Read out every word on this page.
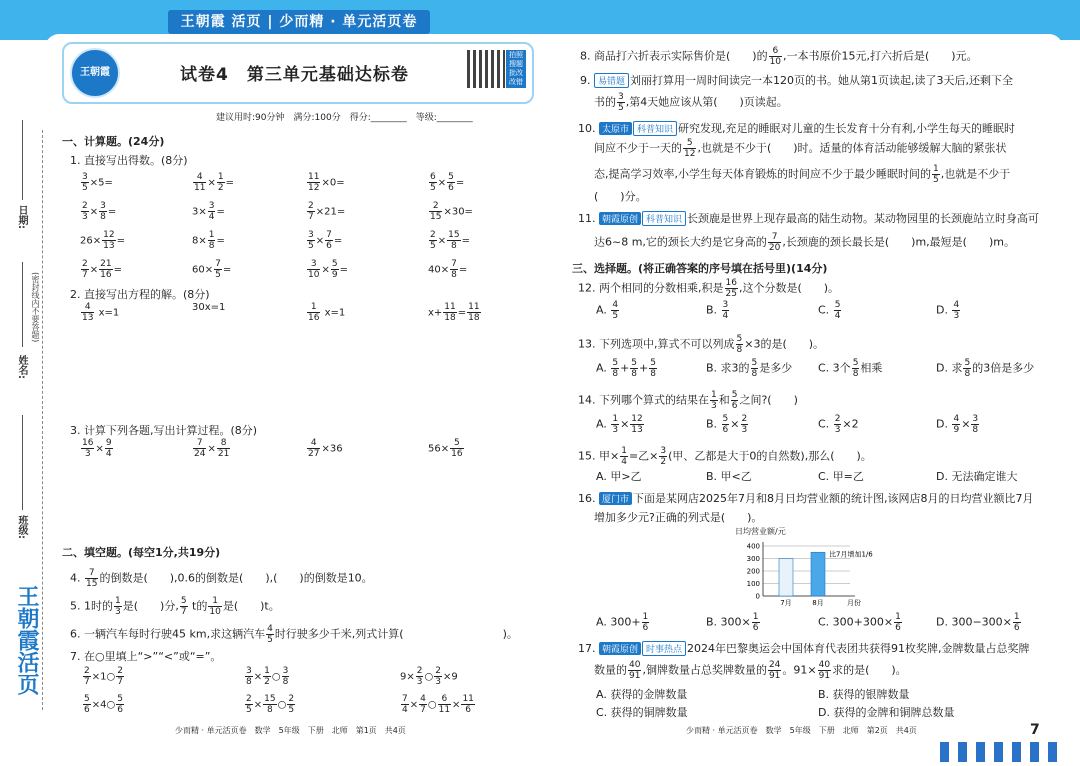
王朝霞 活页 | 少而精 · 单元活页卷
日期:
姓名:
(密封线内不要答题)
班级:
王朝霞活页
王朝霞	试卷4　第三单元基础达标卷
拍照搜题批改改错
建议用时:90分钟　满分:100分　得分:________　等级:________
一、计算题。(24分)
1. 直接写出得数。(8分)
2. 直接写出方程的解。(8分)
3. 计算下列各题,写出计算过程。(8分)
二、填空题。(每空1分,共19分)
4. $\frac{7}{15}$ 的倒数是(　　),0.6的倒数是(　　),(　　)的倒数是10。
5. 1时的 $\frac{1}{3}$ 是(　　)分, $\frac{5}{7}$ t的 $\frac{1}{10}$ 是(　　)t。
6. 一辆汽车每时行驶45 km,求这辆汽车 $\frac{4}{5}$ 时行驶多少千米,列式计算(　　　　　　　　　)。
7. 在○里填上“>”“<”或“=”。
少而精 · 单元活页卷　数学　5年级　下册　北师　第1页　共4页
8. 商品打六折表示实际售价是(　　)的 $\frac{6}{10}$ ,一本书原价15元,打六折后是(　　)元。
9. 易错题 刘丽打算用一周时间读完一本120页的书。她从第1页读起,读了3天后,还剩下全
书的 $\frac{3}{5}$ ,第4天她应该从第(　　)页读起。
10. 太原市 科普知识 研究发现,充足的睡眠对儿童的生长发育十分有利,小学生每天的睡眠时
间应不少于一天的 $\frac{5}{12}$ ,也就是不少于(　　)时。适量的体育活动能够缓解大脑的紧张状
态,提高学习效率,小学生每天体育锻炼的时间应不少于最少睡眠时间的 $\frac{1}{5}$ ,也就是不少于
(　　)分。
11. 朝霞原创 科普知识 长颈鹿是世界上现存最高的陆生动物。某动物园里的长颈鹿站立时身高可
达6~8 m,它的颈长大约是它身高的 $\frac{7}{20}$ ,长颈鹿的颈长最长是(　　)m,最短是(　　)m。
三、选择题。(将正确答案的序号填在括号里)(14分)
12. 两个相同的分数相乘,积是 $\frac{16}{25}$ ,这个分数是(　　)。
13. 下列选项中,算式不可以列成 $\frac{5}{8} \times 3$的是(　　)。
14. 下列哪个算式的结果在 $\frac{1}{3}$ 和 $\frac{5}{6}$ 之间?(　　)
15. 甲× $\frac{1}{4}$ =乙× $\frac{3}{2}$ (甲、乙都是大于0的自然数),那么(　　)。
16. 厦门市 下面是某网店2025年7月和8月日均营业额的统计图,该网店8月的日均营业额比7月
增加多少元?正确的列式是(　　)。
0
100
200
300
400
7月	8月	月份
比7月增加1/6
日均营业额/元
17. 朝霞原创 时事热点 2024年巴黎奥运会中国体育代表团共获得91枚奖牌,金牌数量占总奖牌
数量的 $\frac{40}{91}$ ,铜牌数量占总奖牌数量的 $\frac{24}{91}$ 。$91\times \frac{40}{91}$ 求的是(　　)。
少而精 · 单元活页卷　数学　5年级　下册　北师　第2页　共4页	7
$\frac{3}{5} \times 5=$	$\frac{4}{11} \times \frac{1}{2}$ =	$\frac{11}{12} \times 0=$	$\frac{6}{5} \times \frac{5}{6}$ =
$\frac{2}{3} \times \frac{3}{8}$ =	$3\times \frac{3}{4}$ =	$\frac{2}{7} \times 21=$	$\frac{2}{15} \times 30=$
$26\times \frac{12}{13}$ =	$8\times \frac{1}{8}$ =	$\frac{3}{5} \times \frac{7}{6}$ =	$\frac{2}{5} \times \frac{15}{8}$ =
$\frac{2}{7} \times \frac{21}{16}$ =	$60\times \frac{7}{5}$ =	$\frac{3}{10} \times \frac{5}{9}$ =	$40\times \frac{7}{8}$ =
$\frac{4}{13} x=1$	30x=1	$\frac{1}{16} x=1$	$x+ \frac{11}{18} = \frac{11}{18}$
$\frac{16}{3} \times \frac{9}{4}$	$\frac{7}{24} \times \frac{8}{21}$	$\frac{4}{27} \times 36$	$56\times \frac{5}{16}$
$\frac{2}{7}$ ×1○ $\frac{2}{7}$	$\frac{3}{8} \times \frac{1}{2}$ ○ $\frac{3}{8}$	$9\times \frac{2}{3}$ ○ $\frac{2}{3} \times 9$
$\frac{5}{6}$ ×4○ $\frac{5}{6}$	$\frac{2}{5} \times \frac{15}{8}$ ○ $\frac{2}{5}$	$\frac{7}{4} \times \frac{4}{7}$ ○ $\frac{6}{11} \times \frac{11}{6}$
A. $\frac{4}{5}$	B. $\frac{3}{4}$	C. $\frac{5}{4}$	D. $\frac{4}{3}$
A. $\frac{5}{8} + \frac{5}{8} + \frac{5}{8}$	B. 求3的 $\frac{5}{8}$ 是多少 C. 3个 $\frac{5}{8}$ 相乘	D. 求 $\frac{5}{8}$ 的3倍是多少
A. $\frac{1}{3} \times \frac{12}{13}$	B. $\frac{5}{6} \times \frac{2}{3}$	C. $\frac{2}{3} \times 2$	D. $\frac{4}{9} \times \frac{3}{8}$
A. 甲>乙	B. 甲<乙	C. 甲=乙	D. 无法确定谁大
A. $300+ \frac{1}{6}$	B. $300\times \frac{1}{6}$	C. $300+300\times \frac{1}{6}$	D. $300-300\times \frac{1}{6}$
A. 获得的金牌数量	B. 获得的银牌数量
C. 获得的铜牌数量	D. 获得的金牌和铜牌总数量
